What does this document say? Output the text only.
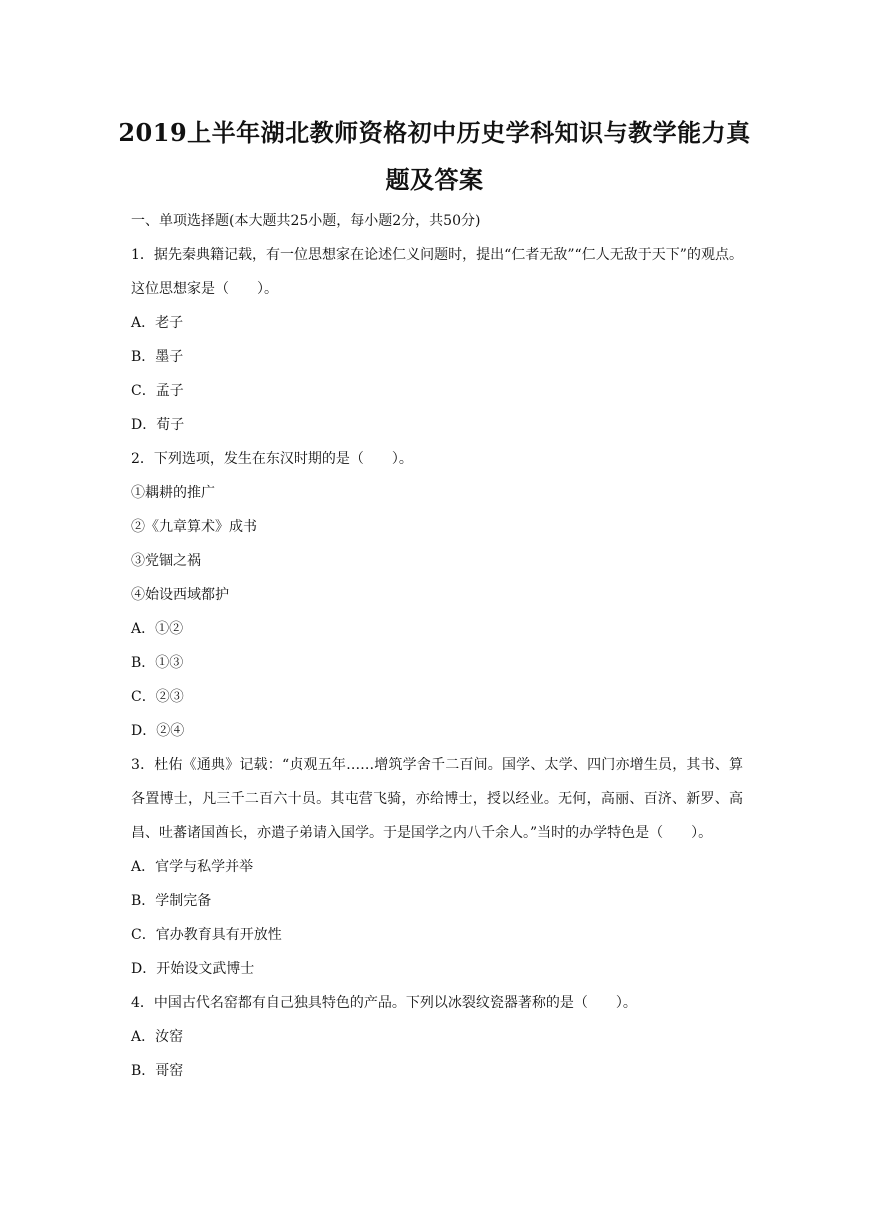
2019上半年湖北教师资格初中历史学科知识与教学能力真
题及答案

一、单项选择题(本大题共25小题，每小题2分，共50分)

1．据先秦典籍记载，有一位思想家在论述仁义问题时，提出“仁者无敌”“仁人无敌于天下”的观点。这位思想家是（　　）。

A．老子

B．墨子

C．孟子

D．荀子

2．下列选项，发生在东汉时期的是（　　）。

①耦耕的推广

②《九章算术》成书

③党锢之祸

④始设西域都护

A．①②

B．①③

C．②③

D．②④

3．杜佑《通典》记载：“贞观五年……增筑学舍千二百间。国学、太学、四门亦增生员，其书、算各置博士，凡三千二百六十员。其屯营飞骑，亦给博士，授以经业。无何，高丽、百济、新罗、高昌、吐蕃诸国酋长，亦遣子弟请入国学。于是国学之内八千余人。”当时的办学特色是（　　）。

A．官学与私学并举

B．学制完备

C．官办教育具有开放性

D．开始设文武博士

4．中国古代名窑都有自己独具特色的产品。下列以冰裂纹瓷器著称的是（　　）。

A．汝窑

B．哥窑
